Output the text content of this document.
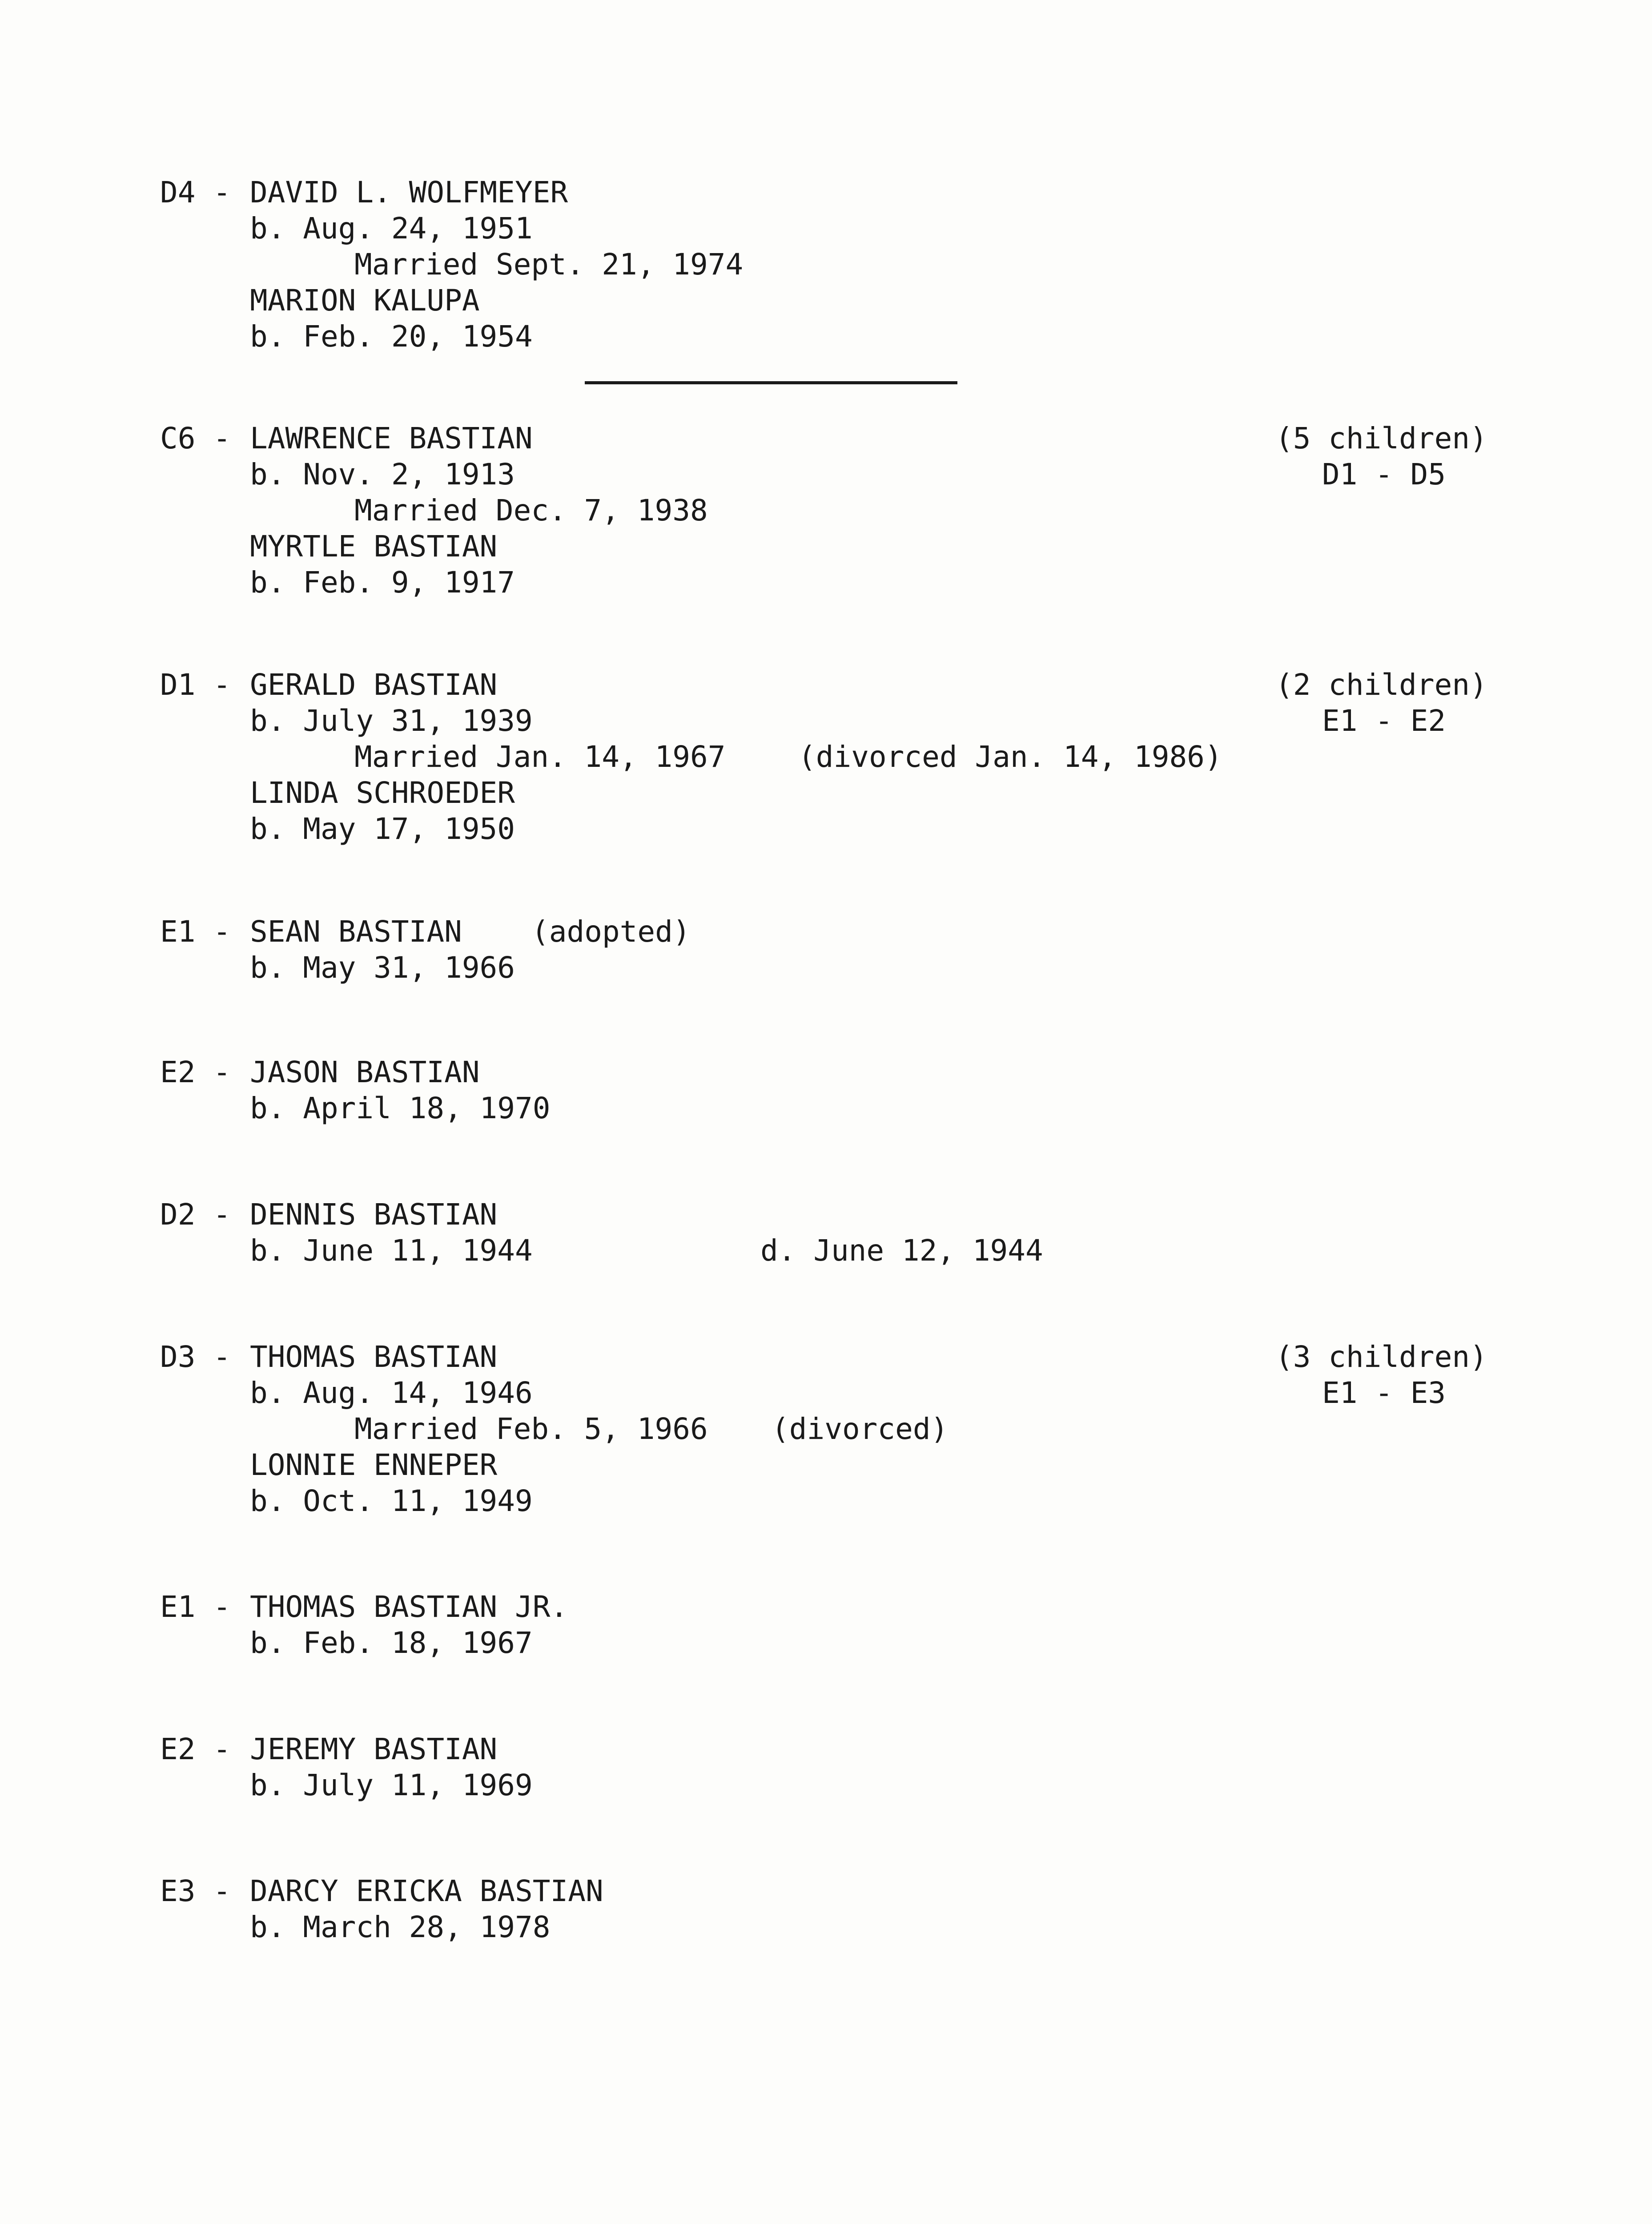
D4 - DAVID L. WOLFMEYER
b. Aug. 24, 1951
Married Sept. 21, 1974
MARION KALUPA
b. Feb. 20, 1954
C6 - LAWRENCE BASTIAN	(5 children)
b. Nov. 2, 1913	D1 - D5
Married Dec. 7, 1938
MYRTLE BASTIAN
b. Feb. 9, 1917
D1 - GERALD BASTIAN	(2 children)
b. July 31, 1939	E1 - E2
Married Jan. 14, 1967 (divorced Jan. 14, 1986)
LINDA SCHROEDER
b. May 17, 1950
E1 - SEAN BASTIAN (adopted)
b. May 31, 1966
E2 - JASON BASTIAN
b. April 18, 1970
D2 - DENNIS BASTIAN
b. June 11, 1944	d. June 12, 1944
D3 - THOMAS BASTIAN	(3 children)
b. Aug. 14, 1946	E1 - E3
Married Feb. 5, 1966 (divorced)
LONNIE ENNEPER
b. Oct. 11, 1949
E1 - THOMAS BASTIAN JR.
b. Feb. 18, 1967
E2 - JEREMY BASTIAN
b. July 11, 1969
E3 - DARCY ERICKA BASTIAN
b. March 28, 1978
